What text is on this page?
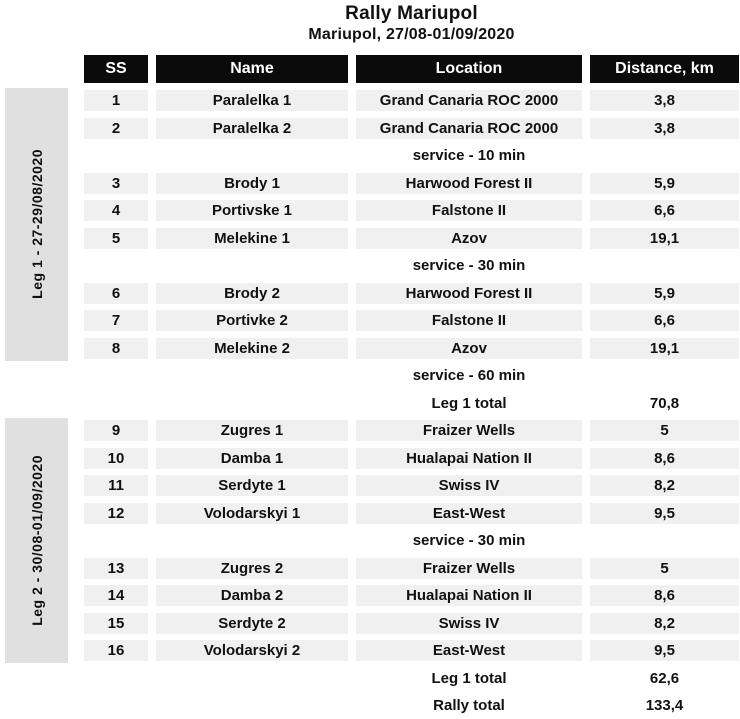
Rally Mariupol
Mariupol, 27/08-01/09/2020
SS	Name	Location	Distance, km
1	Paralelka 1	Grand Canaria ROC 2000	3,8
2	Paralelka 2	Grand Canaria ROC 2000	3,8
service - 10 min
3	Brody 1	Harwood Forest II	5,9
4	Portivske 1	Falstone II	6,6
5	Melekine 1	Azov	19,1
service - 30 min
6	Brody 2	Harwood Forest II	5,9
7	Portivke 2	Falstone II	6,6
8	Melekine 2	Azov	19,1
service - 60 min
Leg 1 total	70,8
9	Zugres 1	Fraizer Wells	5
10	Damba 1	Hualapai Nation II	8,6
11	Serdyte 1	Swiss IV	8,2
12	Volodarskyi 1	East-West	9,5
service - 30 min
13	Zugres 2	Fraizer Wells	5
14	Damba 2	Hualapai Nation II	8,6
15	Serdyte 2	Swiss IV	8,2
16	Volodarskyi 2	East-West	9,5
Leg 1 total	62,6
Rally total	133,4
Leg 1 - 27-29/08/2020
Leg 2 - 30/08-01/09/2020
